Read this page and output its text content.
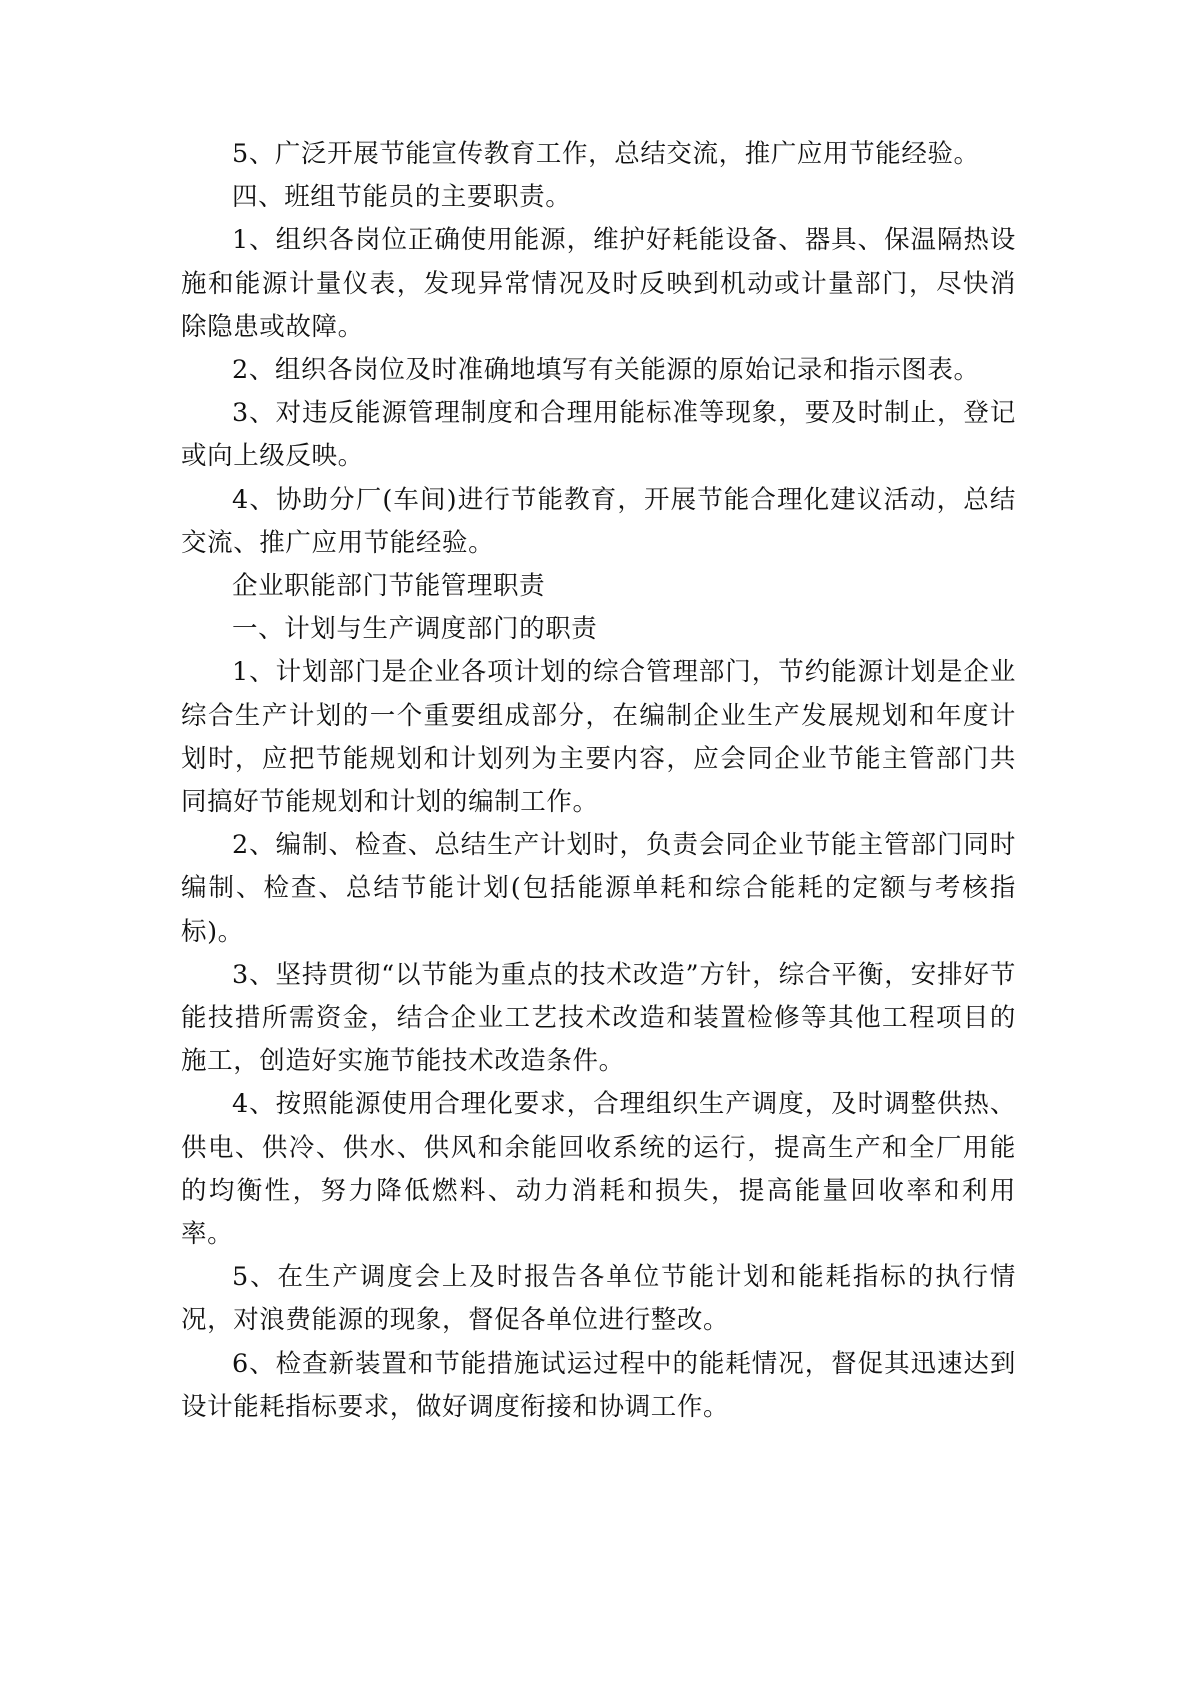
5、广泛开展节能宣传教育工作，总结交流，推广应用节能经验。

四、班组节能员的主要职责。

1、组织各岗位正确使用能源，维护好耗能设备、器具、保温隔热设施和能源计量仪表，发现异常情况及时反映到机动或计量部门，尽快消除隐患或故障。

2、组织各岗位及时准确地填写有关能源的原始记录和指示图表。

3、对违反能源管理制度和合理用能标准等现象，要及时制止，登记或向上级反映。

4、协助分厂(车间)进行节能教育，开展节能合理化建议活动，总结交流、推广应用节能经验。

企业职能部门节能管理职责

一、计划与生产调度部门的职责

1、计划部门是企业各项计划的综合管理部门，节约能源计划是企业综合生产计划的一个重要组成部分，在编制企业生产发展规划和年度计划时，应把节能规划和计划列为主要内容，应会同企业节能主管部门共同搞好节能规划和计划的编制工作。

2、编制、检查、总结生产计划时，负责会同企业节能主管部门同时编制、检查、总结节能计划(包括能源单耗和综合能耗的定额与考核指标)。

3、坚持贯彻“以节能为重点的技术改造”方针，综合平衡，安排好节能技措所需资金，结合企业工艺技术改造和装置检修等其他工程项目的施工，创造好实施节能技术改造条件。

4、按照能源使用合理化要求，合理组织生产调度，及时调整供热、供电、供冷、供水、供风和余能回收系统的运行，提高生产和全厂用能的均衡性，努力降低燃料、动力消耗和损失，提高能量回收率和利用率。

5、在生产调度会上及时报告各单位节能计划和能耗指标的执行情况，对浪费能源的现象，督促各单位进行整改。

6、检查新装置和节能措施试运过程中的能耗情况，督促其迅速达到设计能耗指标要求，做好调度衔接和协调工作。
